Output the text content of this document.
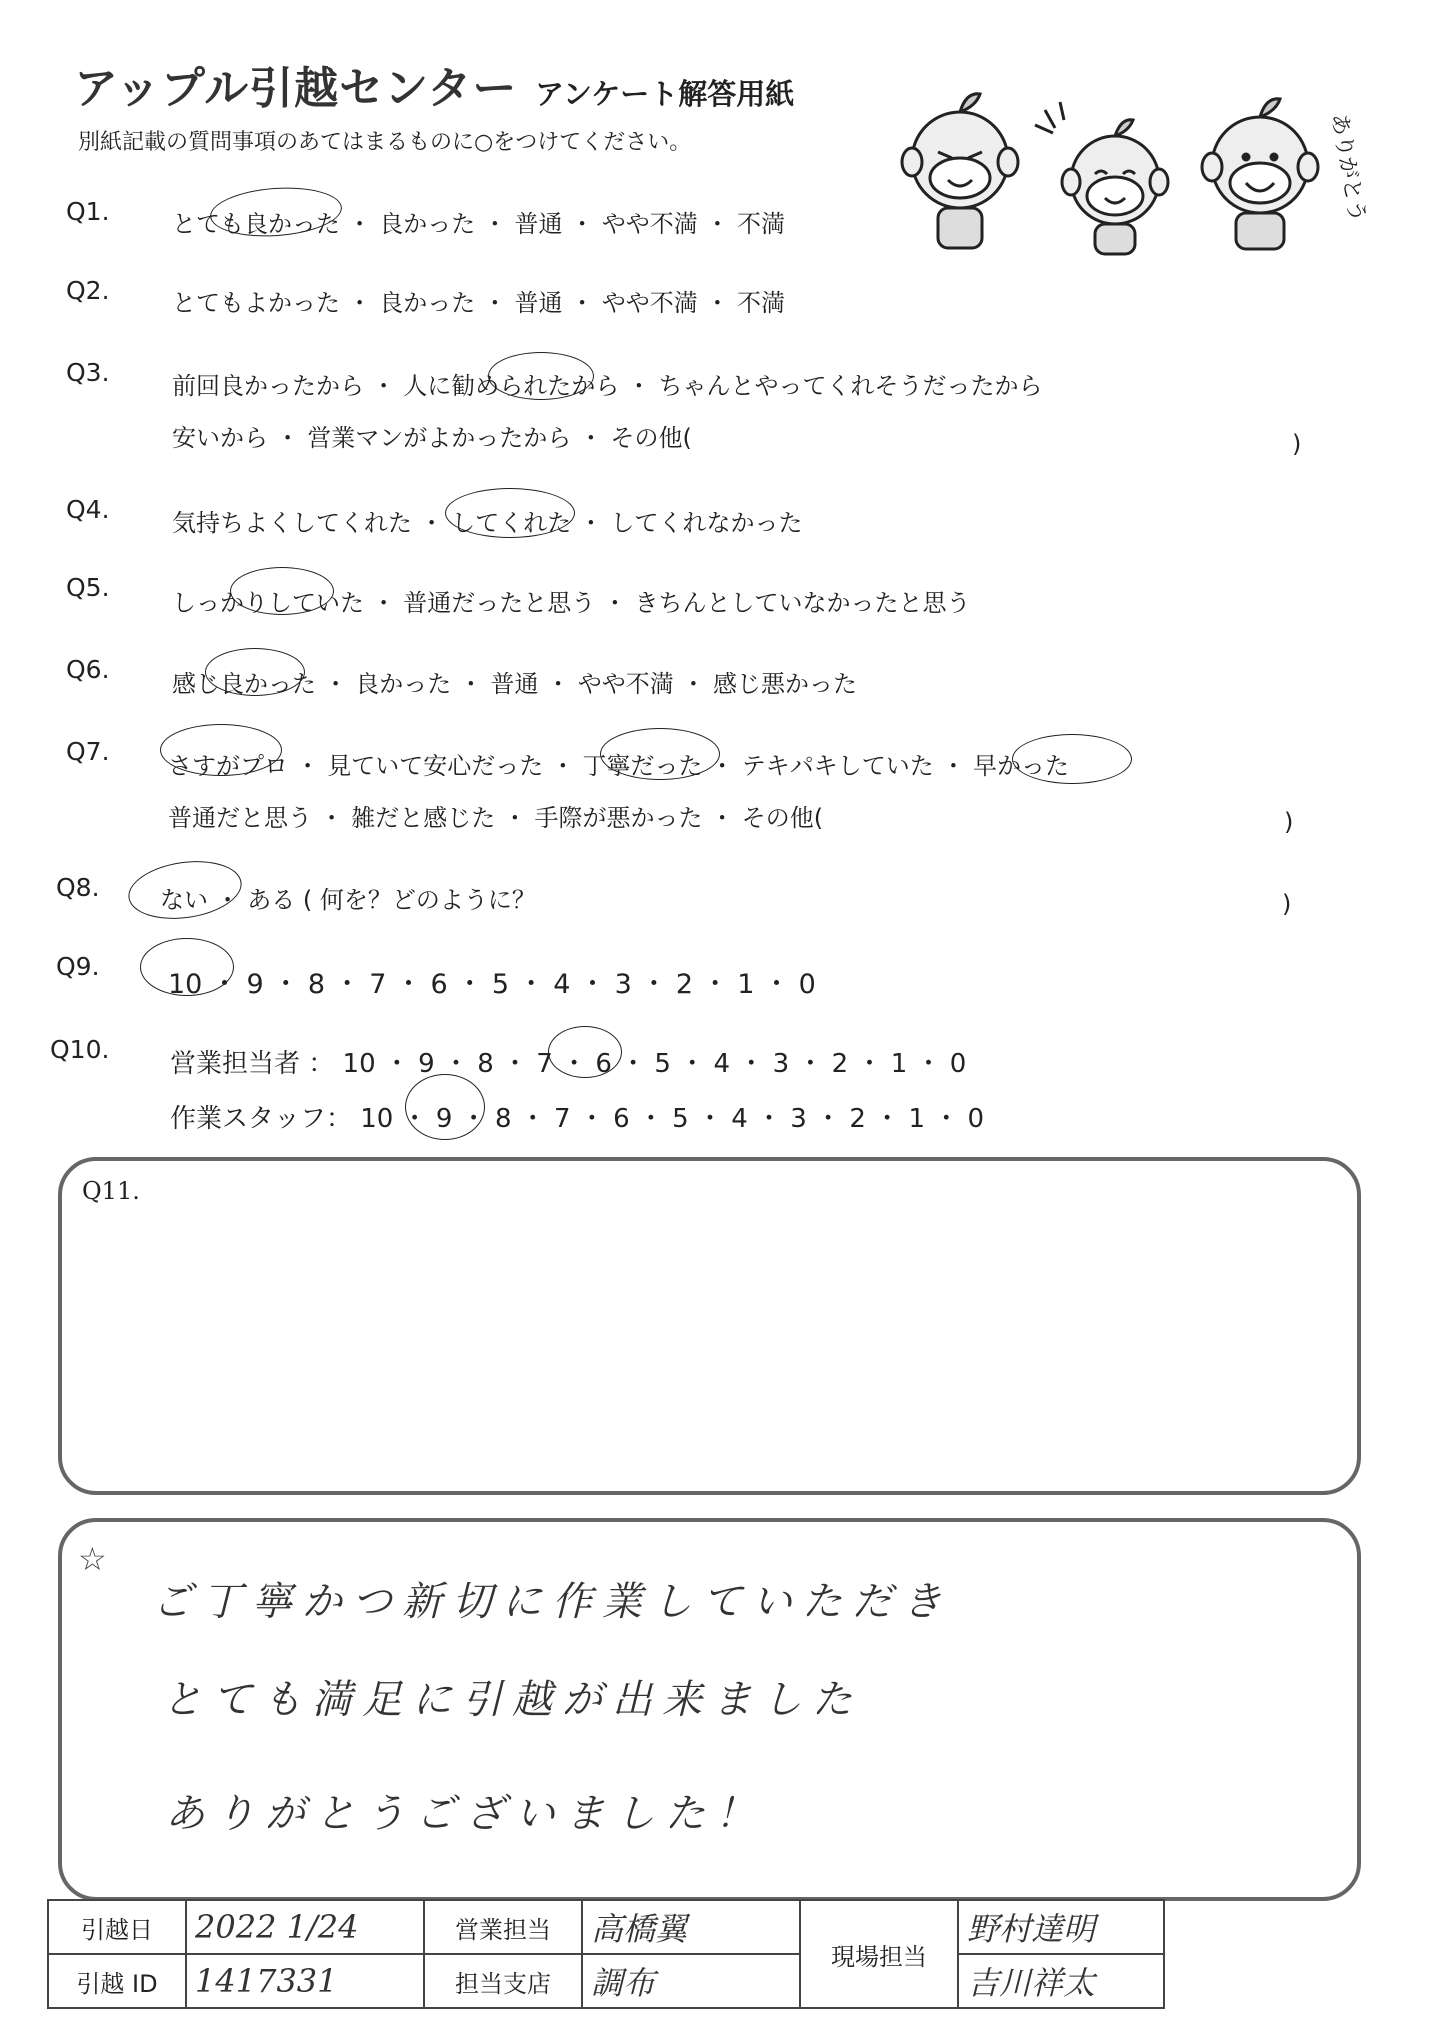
アップル引越センター アンケート解答用紙
別紙記載の質問事項のあてはまるものに○をつけてください。	ありがとう
Q1.	とても良かった ・ 良かった ・ 普通 ・ やや不満 ・ 不満
Q2.	とてもよかった ・ 良かった ・ 普通 ・ やや不満 ・ 不満
Q3.	前回良かったから ・ 人に勧められたから ・ ちゃんとやってくれそうだったから
安いから ・ 営業マンがよかったから ・ その他(	)
Q4.	気持ちよくしてくれた ・ してくれた ・ してくれなかった
Q5.
しっかりしていた ・ 普通だったと思う ・ きちんとしていなかったと思う
Q6.	感じ良かった ・ 良かった ・ 普通 ・ やや不満 ・ 感じ悪かった
Q7. さすがプロ ・ 見ていて安心だった ・ 丁寧だった ・ テキパキしていた ・ 早かった
普通だと思う ・ 雑だと感じた ・ 手際が悪かった ・ その他(	)
Q8.	ない ・ ある ( 何を？どのように？	)
Q9.
10 ・ 9 ・ 8 ・ 7 ・ 6 ・ 5 ・ 4 ・ 3 ・ 2 ・ 1 ・ 0
Q10. 営業担当者 ： 10 ・ 9 ・ 8 ・ 7 ・ 6 ・ 5 ・ 4 ・ 3 ・ 2 ・ 1 ・ 0
作業スタッフ： 10 ・ 9 ・ 8 ・ 7 ・ 6 ・ 5 ・ 4 ・ 3 ・ 2 ・ 1 ・ 0
Q11.
☆
ご丁寧かつ新切に作業していただき
とても満足に引越が出来ました
ありがとうございました！
引越日	2022 1/24	営業担当	高橋翼	現場担当	野村達明
引越 ID	1417331	担当支店	調布		吉川祥太
